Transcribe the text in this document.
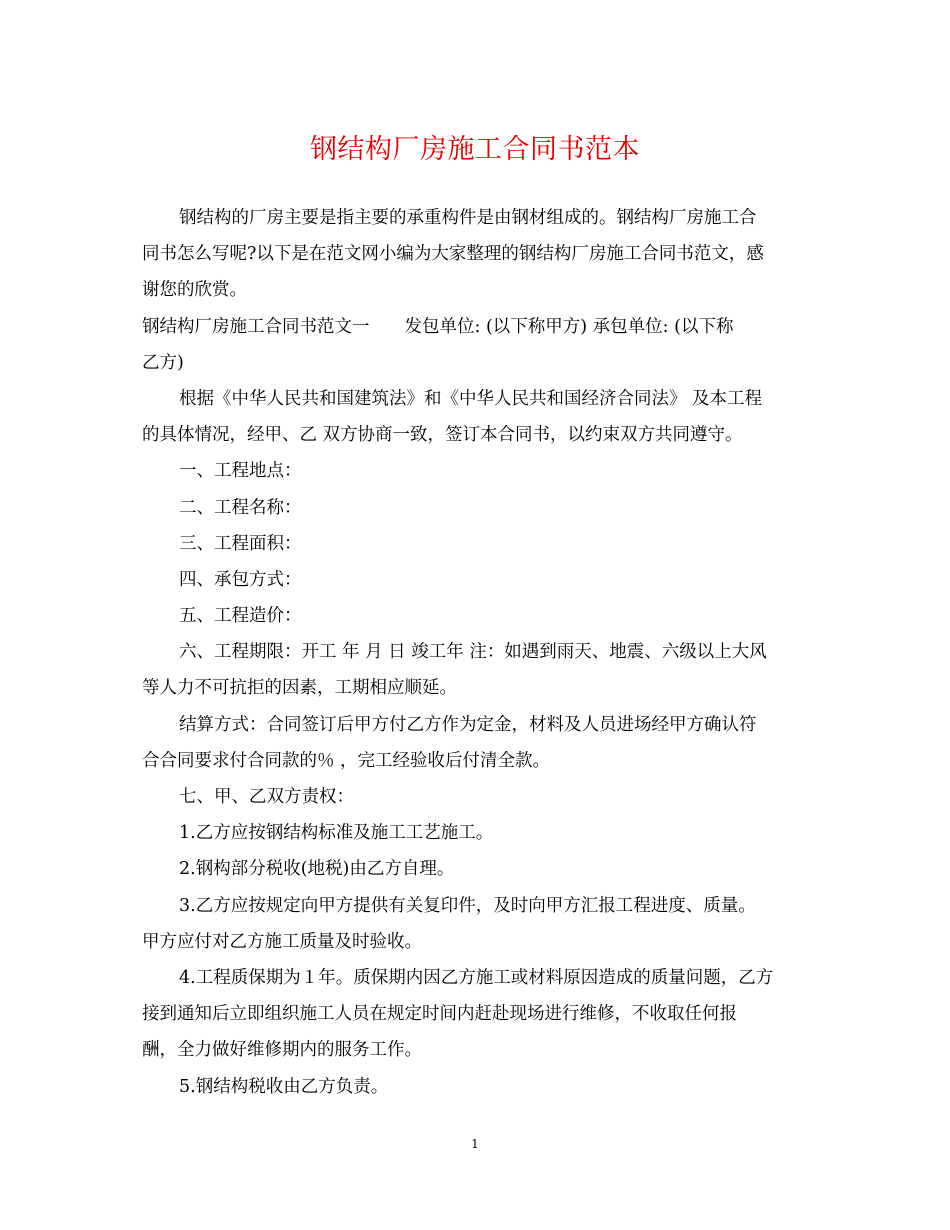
钢结构厂房施工合同书范本
钢结构的厂房主要是指主要的承重构件是由钢材组成的。钢结构厂房施工合
同书怎么写呢?以下是在范文网小编为大家整理的钢结构厂房施工合同书范文，感
谢您的欣赏。
钢结构厂房施工合同书范文一　　发包单位: (以下称甲方) 承包单位: (以下称
乙方)
根据《中华人民共和国建筑法》和《中华人民共和国经济合同法》 及本工程
的具体情况，经甲、乙 双方协商一致，签订本合同书，以约束双方共同遵守。
一、工程地点：
二、工程名称：
三、工程面积：
四、承包方式：
五、工程造价：
六、工程期限：开工 年 月 日 竣工年 注：如遇到雨天、地震、六级以上大风
等人力不可抗拒的因素，工期相应顺延。
结算方式：合同签订后甲方付乙方作为定金，材料及人员进场经甲方确认符
合合同要求付合同款的％ ，完工经验收后付清全款。
七、甲、乙双方责权：
1.乙方应按钢结构标准及施工工艺施工。
2.钢构部分税收(地税)由乙方自理。
3.乙方应按规定向甲方提供有关复印件，及时向甲方汇报工程进度、质量。
甲方应付对乙方施工质量及时验收。
4.工程质保期为１年。质保期内因乙方施工或材料原因造成的质量问题，乙方
接到通知后立即组织施工人员在规定时间内赶赴现场进行维修，不收取任何报
酬，全力做好维修期内的服务工作。
5.钢结构税收由乙方负责。
1
